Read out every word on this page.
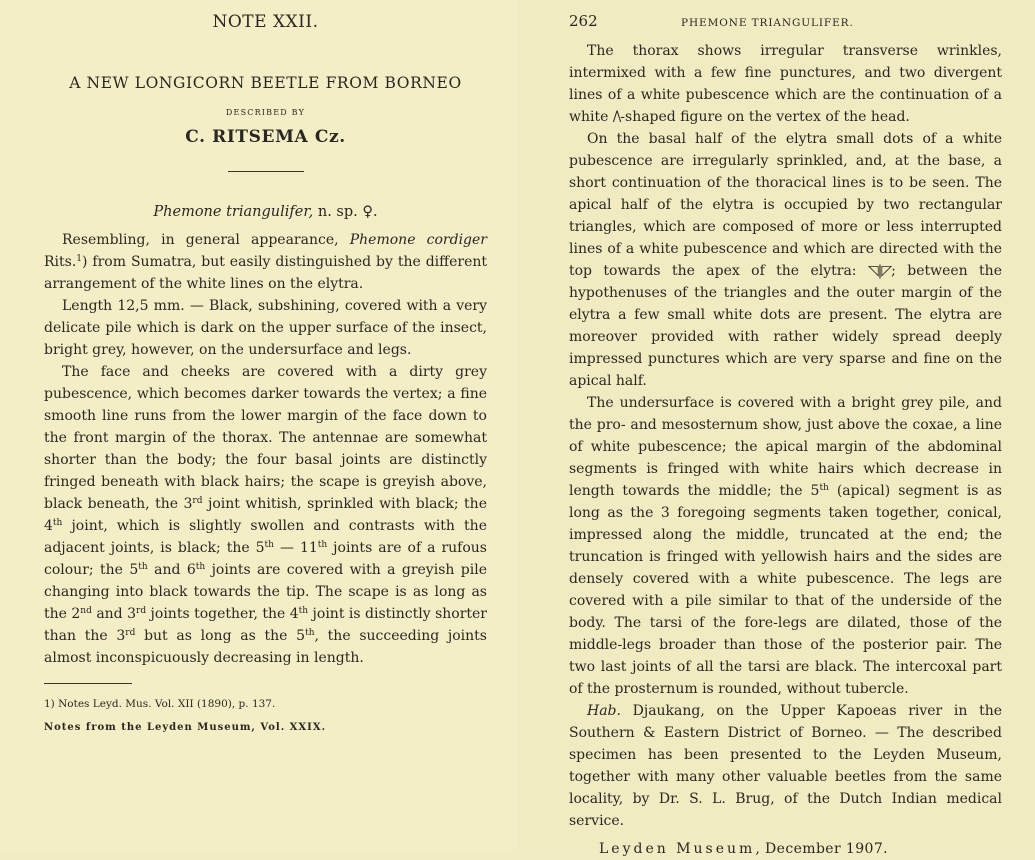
NOTE XXII.
A NEW LONGICORN BEETLE FROM BORNEO
DESCRIBED BY
C. RITSEMA Cz.
Phemone triangulifer, n. sp. ♀.

Resembling, in general appearance, Phemone cordiger Rits.$^1$) from Sumatra, but easily distinguished by the different arrangement of the white lines on the elytra.

Length 12,5 mm. — Black, subshining, covered with a very delicate pile which is dark on the upper surface of the insect, bright grey, however, on the undersurface and legs.

The face and cheeks are covered with a dirty grey pubescence, which becomes darker towards the vertex; a fine smooth line runs from the lower margin of the face down to the front margin of the thorax. The antennae are somewhat shorter than the body; the four basal joints are distinctly fringed beneath with black hairs; the scape is greyish above, black beneath, the 3rd joint whitish, sprinkled with black; the 4th joint, which is slightly swollen and contrasts with the adjacent joints, is black; the 5th — 11th joints are of a rufous colour; the 5th and 6th joints are covered with a greyish pile changing into black towards the tip. The scape is as long as the 2nd and 3rd joints together, the 4th joint is distinctly shorter than the 3rd but as long as the 5th, the succeeding joints almost inconspicuously decreasing in length.

1) Notes Leyd. Mus. Vol. XII (1890), p. 137.
Notes from the Leyden Museum, Vol. XXIX.
262	PHEMONE TRIANGULIFER.

The thorax shows irregular transverse wrinkles, intermixed with a few fine punctures, and two divergent lines of a white pubescence which are the continuation of a white /\-shaped figure on the vertex of the head.

On the basal half of the elytra small dots of a white pubescence are irregularly sprinkled, and, at the base, a short continuation of the thoracical lines is to be seen. The apical half of the elytra is occupied by two rectangular triangles, which are composed of more or less interrupted lines of a white pubescence and which are directed with the top towards the apex of the elytra: ◹|◸; between the hypothenuses of the triangles and the outer margin of the elytra a few small white dots are present. The elytra are moreover provided with rather widely spread deeply impressed punctures which are very sparse and fine on the apical half.

The undersurface is covered with a bright grey pile, and the pro- and mesosternum show, just above the coxae, a line of white pubescence; the apical margin of the abdominal segments is fringed with white hairs which decrease in length towards the middle; the 5th (apical) segment is as long as the 3 foregoing segments taken together, conical, impressed along the middle, truncated at the end; the truncation is fringed with yellowish hairs and the sides are densely covered with a white pubescence. The legs are covered with a pile similar to that of the underside of the body. The tarsi of the fore-legs are dilated, those of the middle-legs broader than those of the posterior pair. The two last joints of all the tarsi are black. The intercoxal part of the prosternum is rounded, without tubercle.

Hab. Djaukang, on the Upper Kapoeas river in the Southern & Eastern District of Borneo. — The described specimen has been presented to the Leyden Museum, together with many other valuable beetles from the same locality, by Dr. S. L. Brug, of the Dutch Indian medical service.

Leyden Museum, December 1907.
